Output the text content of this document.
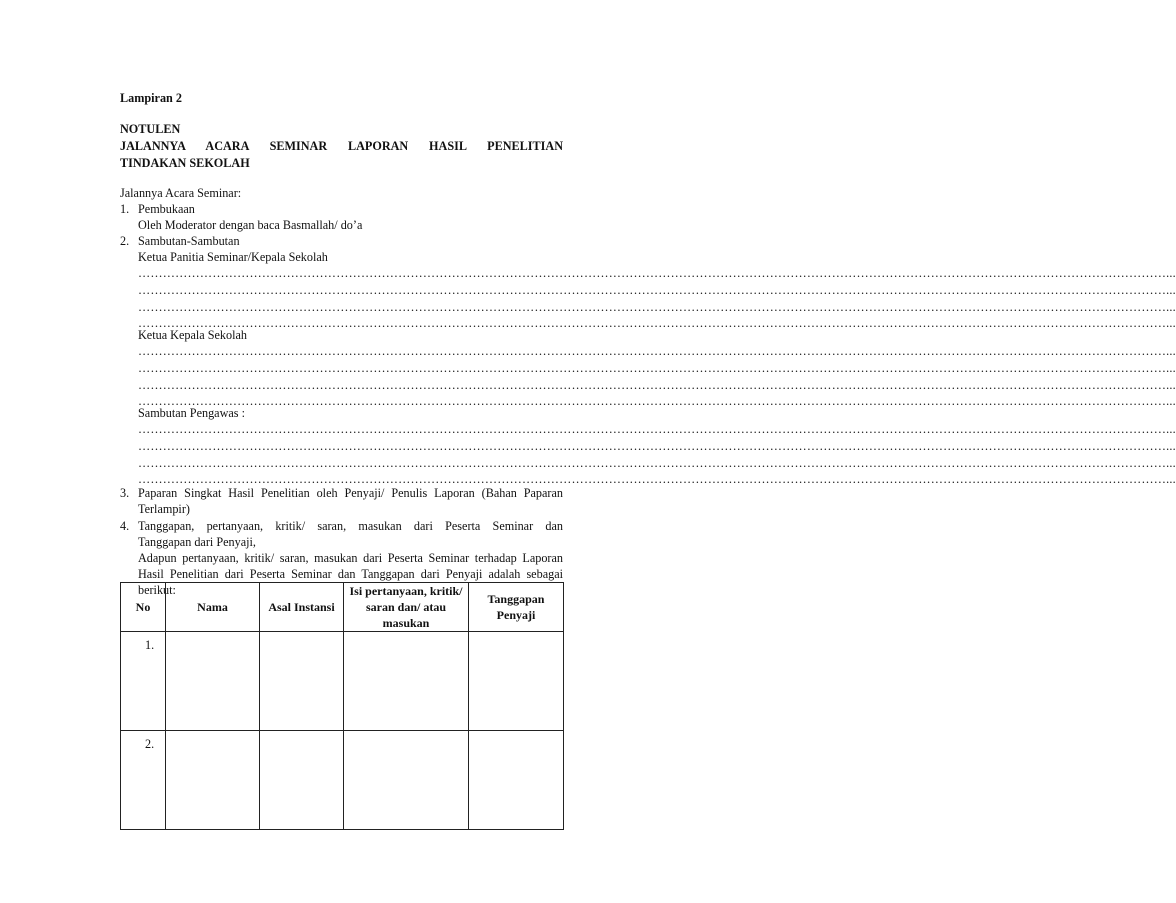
Lampiran 2
NOTULEN
JALANNYA ACARA SEMINAR LAPORAN HASIL PENELITIAN
TINDAKAN SEKOLAH
Jalannya Acara Seminar:
1. Pembukaan
Oleh Moderator dengan baca Basmallah/ do’a
2. Sambutan-Sambutan
Ketua Panitia Seminar/Kepala Sekolah
……………………………………………………………………………………………………………………………………………………………………………………………………………………………...
……………………………………………………………………………………………………………………………………………………………………………………………………………………………...
……………………………………………………………………………………………………………………………………………………………………………………………………………………………...
……………………………………………………………………………………………………………………………………………………………………………………………………………………………...
Ketua Kepala Sekolah
……………………………………………………………………………………………………………………………………………………………………………………………………………………………...
……………………………………………………………………………………………………………………………………………………………………………………………………………………………...
……………………………………………………………………………………………………………………………………………………………………………………………………………………………...
……………………………………………………………………………………………………………………………………………………………………………………………………………………………...
Sambutan Pengawas :
……………………………………………………………………………………………………………………………………………………………………………………………………………………………...
……………………………………………………………………………………………………………………………………………………………………………………………………………………………...
……………………………………………………………………………………………………………………………………………………………………………………………………………………………...
……………………………………………………………………………………………………………………………………………………………………………………………………………………………...
3. Paparan Singkat Hasil Penelitian oleh Penyaji/ Penulis Laporan (Bahan Paparan
Terlampir)
4. Tanggapan, pertanyaan, kritik/ saran, masukan dari Peserta Seminar dan
Tanggapan dari Penyaji,
Adapun pertanyaan, kritik/ saran, masukan dari Peserta Seminar terhadap Laporan
Hasil Penelitian dari Peserta Seminar dan Tanggapan dari Penyaji adalah sebagai
berikut:
No	Nama	Asal Instansi	Isi pertanyaan, kritik/ saran dan/ atau masukan	Tanggapan Penyaji
1.				
2.				
